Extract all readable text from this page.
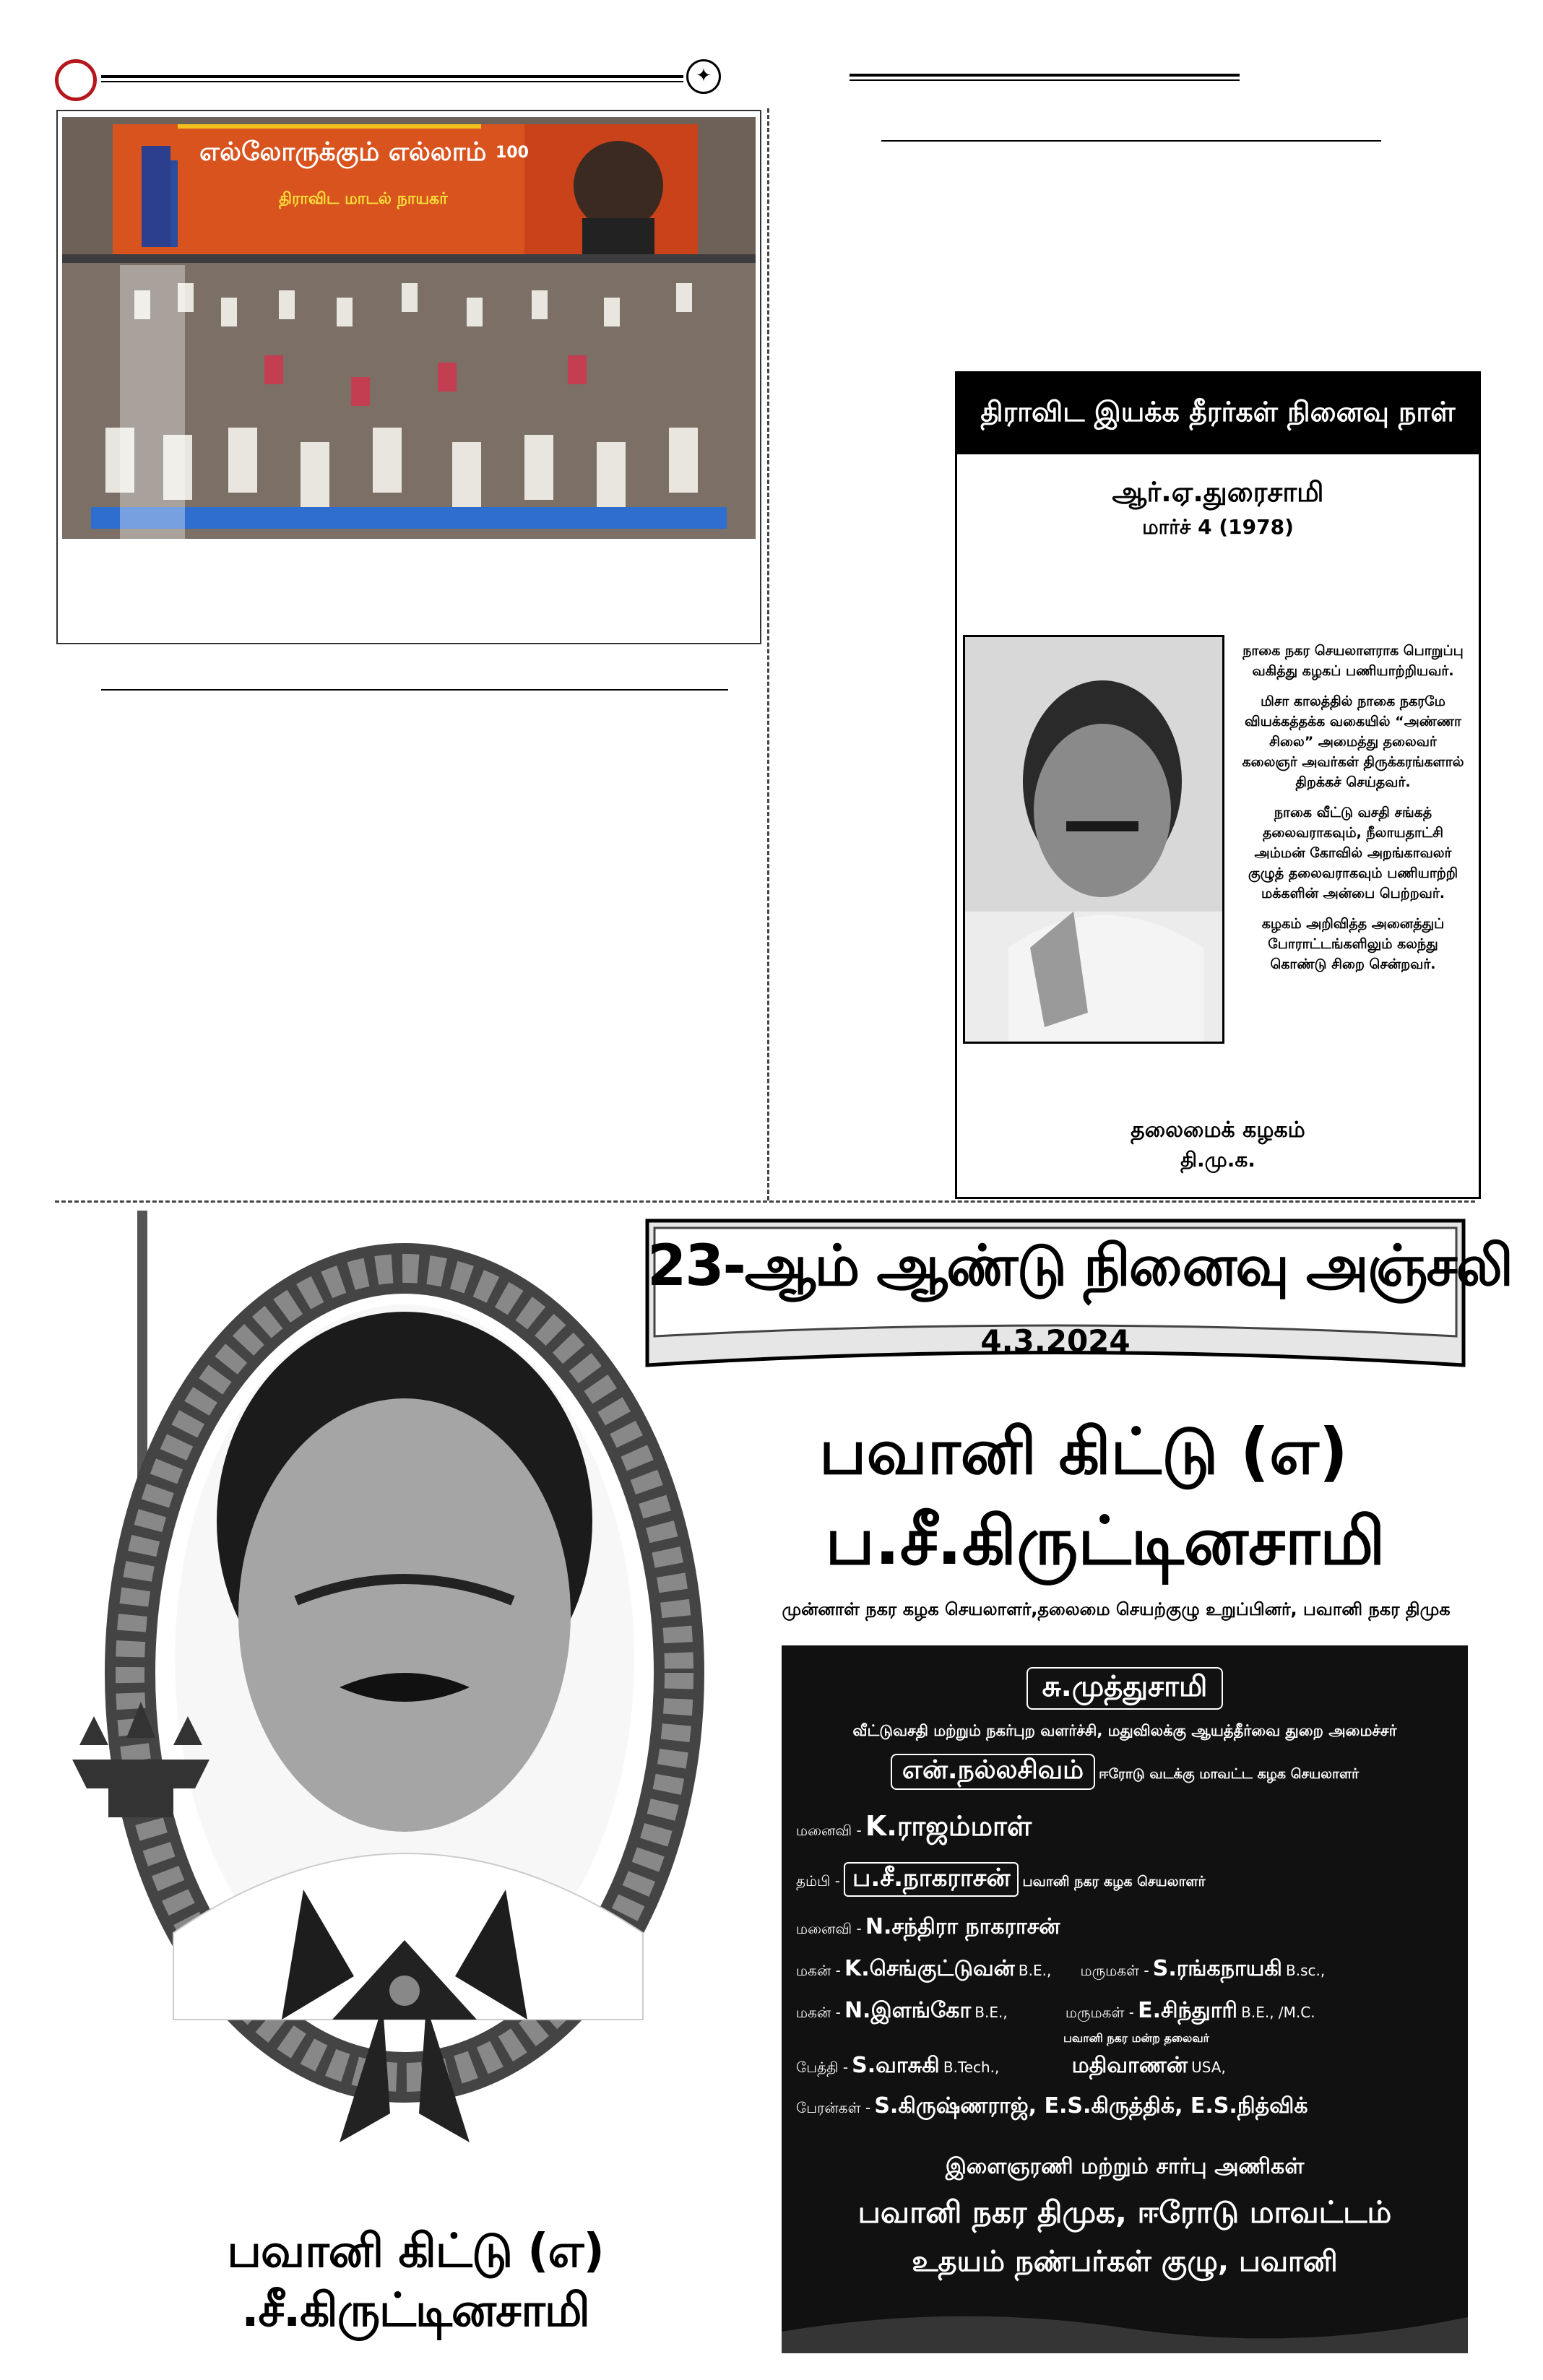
✦
எல்லோருக்கும் எல்லாம்
திராவிட மாடல் நாயகர்
100
திராவிட இயக்க தீரர்கள் நினைவு நாள்
ஆர்.ஏ.துரைசாமி
மார்ச் 4 (1978)

நாகை நகர செயலாளராக பொறுப்பு வகித்து கழகப் பணியாற்றியவர்.

மிசா காலத்தில் நாகை நகரமே வியக்கத்தக்க வகையில் “அண்ணா சிலை” அமைத்து தலைவர் கலைஞர் அவர்கள் திருக்கரங்களால் திறக்கச் செய்தவர்.

நாகை வீட்டு வசதி சங்கத் தலைவராகவும், நீலாயதாட்சி அம்மன் கோவில் அறங்காவலர் குழுத் தலைவராகவும் பணியாற்றி மக்களின் அன்பை பெற்றவர்.

கழகம் அறிவித்த அனைத்துப் போராட்டங்களிலும் கலந்து கொண்டு சிறை சென்றவர்.

தலைமைக் கழகம்
தி.மு.க.
பவானி கிட்டு (எ) .சீ.கிருட்டினசாமி
23-ஆம் ஆண்டு நினைவு அஞ்சலி
4.3.2024
பவானி கிட்டு (எ)
ப.சீ.கிருட்டினசாமி
முன்னாள் நகர கழக செயலாளர்,தலைமை செயற்குழு உறுப்பினர், பவானி நகர திமுக
சு.முத்துசாமி
வீட்டுவசதி மற்றும் நகர்புற வளர்ச்சி, மதுவிலக்கு ஆயத்தீர்வை துறை அமைச்சர்
என்.நல்லசிவம் ஈரோடு வடக்கு மாவட்ட கழக செயலாளர்
மனைவி - K.ராஜம்மாள்
தம்பி - ப.சீ.நாகராசன் பவானி நகர கழக செயலாளர்
மனைவி - N.சந்திரா நாகராசன்
மகன் - K.செங்குட்டுவன் B.E., மருமகள் - S.ரங்கநாயகி B.sc.,
மகன் - N.இளங்கோ B.E.,	மருமகள் - E.சிந்துாரி B.E., /M.C.
பவானி நகர மன்ற தலைவர்
பேத்தி - S.வாசுகி B.Tech.,	மதிவாணன் USA,
பேரன்கள் - S.கிருஷ்ணராஜ், E.S.கிருத்திக், E.S.நித்விக்
இளைஞரணி மற்றும் சார்பு அணிகள்
பவானி நகர திமுக, ஈரோடு மாவட்டம்
உதயம் நண்பர்கள் குழு, பவானி
